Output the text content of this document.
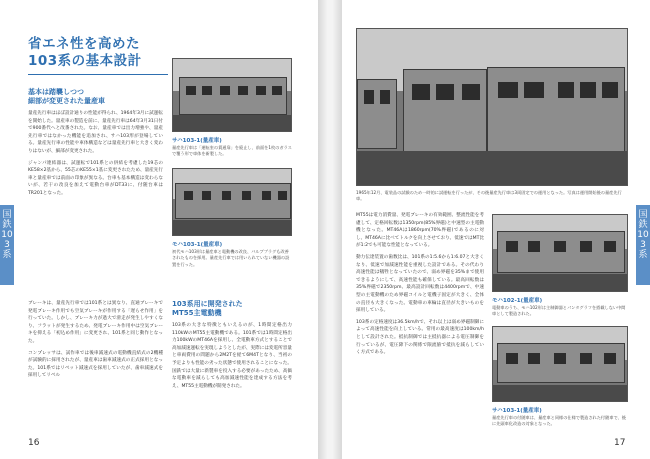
国鉄103系
省エネ性を高めた
103系の基本設計
基本は踏襲しつつ
細部が変更された量産車

量産先行車はほぼ設計通りの性能が得られ、1964年3月に試運転を開始した。量産車の製造を前に、量産先行車は64年3月31日付で900番代へと改番された。なお、量産車では出力増強や、量産先行車ではなかった機能を追加され、サハ103形が登場している。量産先行車の性能や車体構造などは量産先行車と大きく変わりはないが、細部が変更された。

ジャンパ連結器は、試運転で101系との併結を考慮した19芯のKE58×2基から、55芯のKE55×1基に変更されたため、量産先行車と量産車では前面の印象が異なる。台車も基本構造は変わらないが、若干の改良を加えて電動台車がDT33に、付随台車はTR201となった。

ブレーキは、量産先行車では101系とは異なり、直通ブレーキで発電ブレーキ作用でも空気ブレーキが作用する「遅らせ作用」を行っていた。しかし、ブレーキ力が過大で滑走が発生しやすくなり、フラットが発生するため、発電ブレーキ作用中は空気ブレーキを抑える「初込め作用」に変更され、101系と同じ動作となった。

コンプレッサは、試作車では後車減速式の電動機直結式の2機種が試験的に採用されたが、量産車は歯車減速式の正式採用となった。101系ではリベット減速式を採用していたが、歯車減速式を採用してリベル

サハ103-1(量産車)
量産先行車は「運転室の貫通扉」を廃止し、前面を1枚のガラスで覆う形で車体を新製した。
モハ103-1(量産車)
初代モハ103形は量産車と電動機の改良、バルブプラグも改善されたものを採用。量産先行車では用いられていない機器の設置を行った。
103系用に開発された
MT55主電動機
103系の大きな特徴ともいえるのが、1時間定格出力110kWのMT55主電動機である。101系では1時間定格出力100kWのMT46Aを採用し、全電動車方式とすることで高加減速運転を実現しようとしたが、実際には変電所容量と車両費用の問題から2M2Tを経て6M4Tとなり、当初の予定よりも性能の劣った状態で使用されることになった。国鉄では大量に新製車を投入する必要があったため、高価な電動車を減らしても高加減速性能を達成する方法を考え、MT55主電動機が開発された。
16
国鉄103系
1965年12月、電装品の試験のため一時的に試運転を行ったが、その後量産先行車は3両固定での運用となった。写真は運用開始後の量産先行車。

MT55は電力消費量、発電ブレーキの有効範囲、整流性能を考慮して、定格回転数は1350rpm(85%界磁)と中速型の主電動機となった。MT46Aは1860rpm(70%界磁)であるのに対し、MT46Aに比べてトルクを向上させており、低速ではMT比が1:2でも可能な性能となっている。

動力伝達装置の歯数比は、101系の1:5.6から1:6.07と大きくなり、低速で加減速性能を重視した設計である。その代わり高速性能は犠牲となっていたので、弱め界磁を35%まで使用できるようにして、高速性能も確保している。最高回転数は35%界磁で2350rpm、最高設計回転数は4400rpmで、中速型の主電動機のため界磁コイルと電機子固定が大きく、全体の直径も大きくなった。電動車の車輪は直径が大きいものを採用している。

103系の定格速度は36.5km/hで、それ以上は弱め界磁制御によって高速性能を向上している。常用の最高速度は100km/hとして設計された。抵抗制御では主抵抗器による電圧制御を行っているが、電圧降下の関係で限流値で抵抗を減らしていく方式である。

モハ102-1(量産車)
電動車のうち、モハ102形は主制御器とパンタグラフを搭載しない中間車として製造された。
サハ103-1(量産車)
量産先行車の付随車は、量産車と同様の仕様で製造された付随車で、後に先頭車化改造の対象となった。
17
